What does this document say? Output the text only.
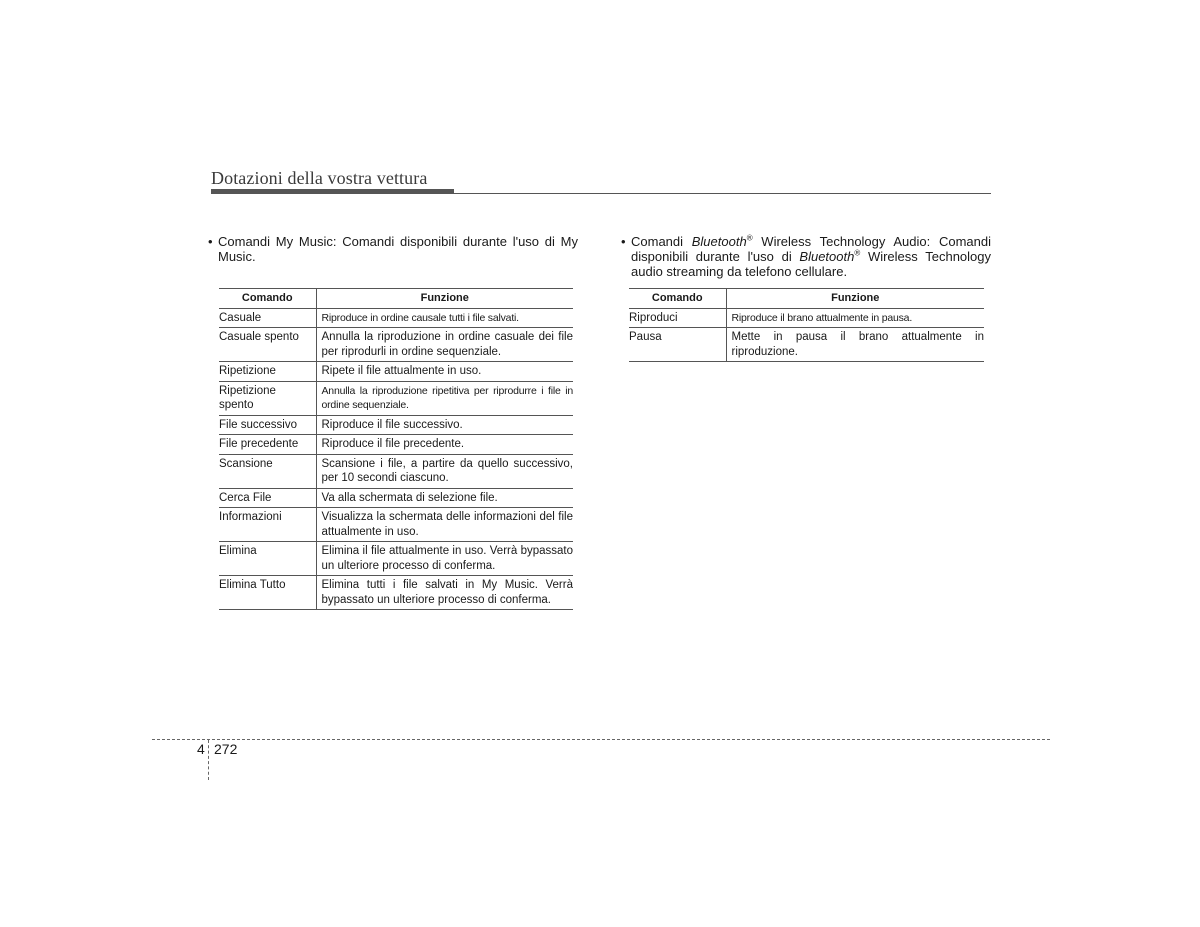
Dotazioni della vostra vettura
• Comandi My Music: Comandi disponibili durante l'uso di My Music.
Comando	Funzione
Casuale	Riproduce in ordine causale tutti i file salvati.
Casuale spento	Annulla la riproduzione in ordine casuale dei file per riprodurli in ordine sequenziale.
Ripetizione	Ripete il file attualmente in uso.
Ripetizione spento	Annulla la riproduzione ripetitiva per riprodurre i file in ordine sequenziale.
File successivo	Riproduce il file successivo.
File precedente	Riproduce il file precedente.
Scansione	Scansione i file, a partire da quello successivo, per 10 secondi ciascuno.
Cerca File	Va alla schermata di selezione file.
Informazioni	Visualizza la schermata delle informazioni del file attualmente in uso.
Elimina	Elimina il file attualmente in uso. Verrà bypassato un ulteriore processo di conferma.
Elimina Tutto	Elimina tutti i file salvati in My Music. Verrà bypassato un ulteriore processo di conferma.
• Comandi Bluetooth® Wireless Technology Audio: Comandi disponibili durante l'uso di Bluetooth® Wireless Technology audio streaming da telefono cellulare.
Comando	Funzione
Riproduci	Riproduce il brano attualmente in pausa.
Pausa	Mette in pausa il brano attualmente in riproduzione.
4 272
